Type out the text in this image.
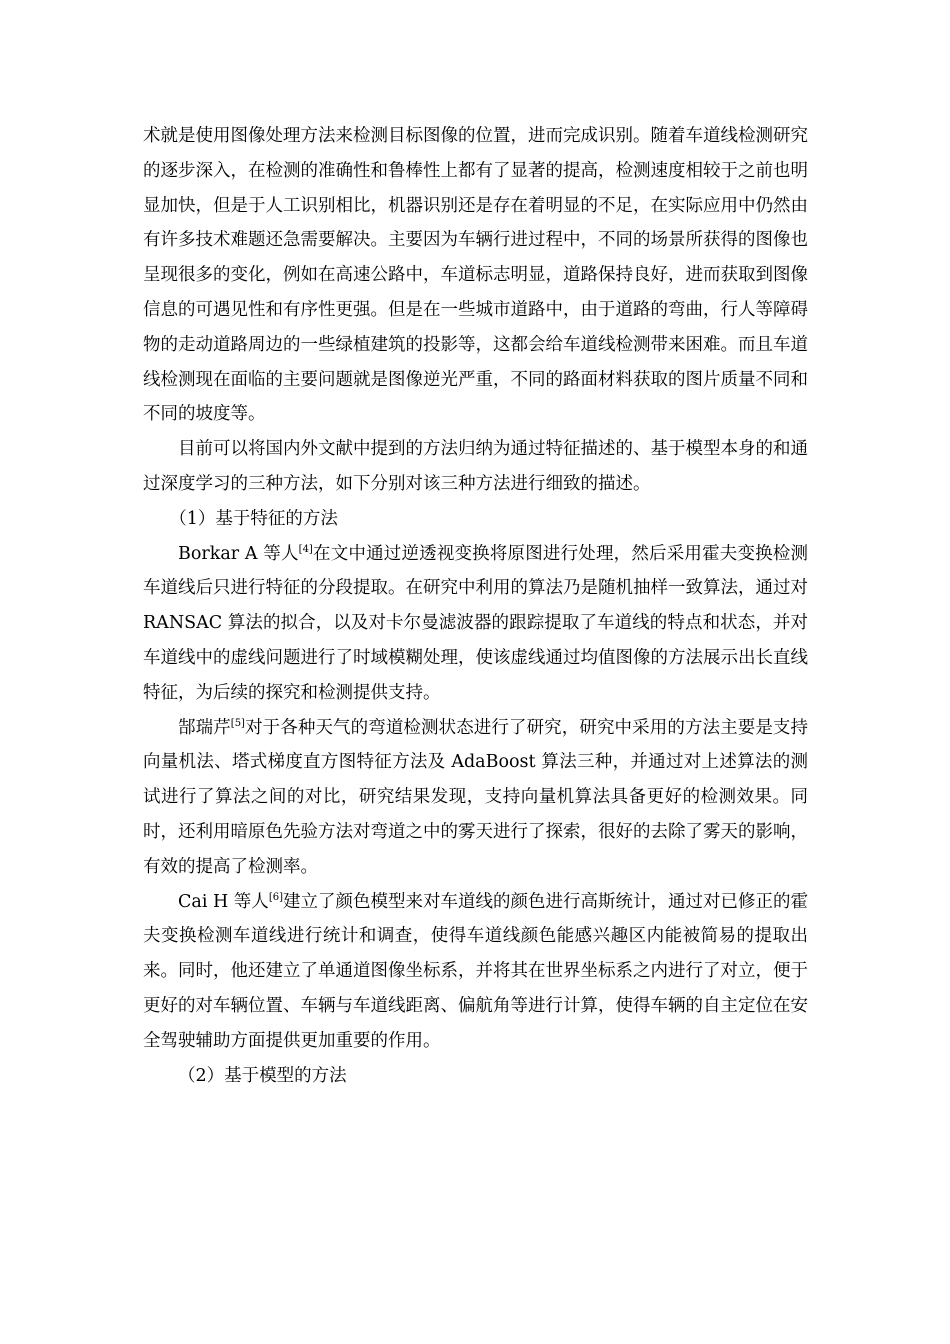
术就是使用图像处理方法来检测目标图像的位置，进而完成识别。随着车道线检测研究的逐步深入，在检测的准确性和鲁棒性上都有了显著的提高，检测速度相较于之前也明显加快，但是于人工识别相比，机器识别还是存在着明显的不足，在实际应用中仍然由有许多技术难题还急需要解决。主要因为车辆行进过程中，不同的场景所获得的图像也呈现很多的变化，例如在高速公路中，车道标志明显，道路保持良好，进而获取到图像信息的可遇见性和有序性更强。但是在一些城市道路中，由于道路的弯曲，行人等障碍物的走动道路周边的一些绿植建筑的投影等，这都会给车道线检测带来困难。而且车道线检测现在面临的主要问题就是图像逆光严重，不同的路面材料获取的图片质量不同和不同的坡度等。

目前可以将国内外文献中提到的方法归纳为通过特征描述的、基于模型本身的和通过深度学习的三种方法，如下分别对该三种方法进行细致的描述。

（1）基于特征的方法

Borkar A 等人[4]在文中通过逆透视变换将原图进行处理，然后采用霍夫变换检测车道线后只进行特征的分段提取。在研究中利用的算法乃是随机抽样一致算法，通过对 RANSAC 算法的拟合，以及对卡尔曼滤波器的跟踪提取了车道线的特点和状态，并对车道线中的虚线问题进行了时域模糊处理，使该虚线通过均值图像的方法展示出长直线特征，为后续的探究和检测提供支持。

郜瑞芹[5]对于各种天气的弯道检测状态进行了研究，研究中采用的方法主要是支持向量机法、塔式梯度直方图特征方法及 AdaBoost 算法三种，并通过对上述算法的测试进行了算法之间的对比，研究结果发现，支持向量机算法具备更好的检测效果。同时，还利用暗原色先验方法对弯道之中的雾天进行了探索，很好的去除了雾天的影响，有效的提高了检测率。

Cai H 等人[6]建立了颜色模型来对车道线的颜色进行高斯统计，通过对已修正的霍夫变换检测车道线进行统计和调查，使得车道线颜色能感兴趣区内能被简易的提取出来。同时，他还建立了单通道图像坐标系，并将其在世界坐标系之内进行了对立，便于更好的对车辆位置、车辆与车道线距离、偏航角等进行计算，使得车辆的自主定位在安全驾驶辅助方面提供更加重要的作用。

（2）基于模型的方法
